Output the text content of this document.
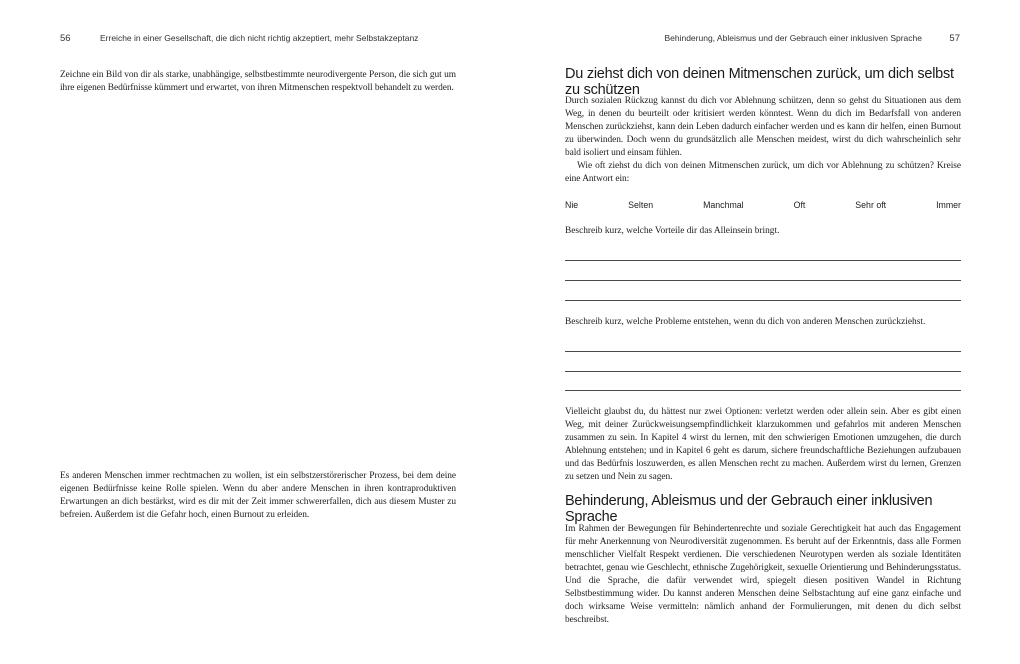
56	Erreiche in einer Gesellschaft, die dich nicht richtig akzeptiert, mehr Selbstakzeptanz

Zeichne ein Bild von dir als starke, unabhängige, selbstbestimmte neurodivergente Person, die sich gut um ihre eigenen Bedürfnisse kümmert und erwartet, von ihren Mitmenschen respektvoll behandelt zu werden.

Es anderen Menschen immer rechtmachen zu wollen, ist ein selbstzerstörerischer Prozess, bei dem deine eigenen Bedürfnisse keine Rolle spielen. Wenn du aber andere Menschen in ihren kontraproduktiven Erwartungen an dich bestärkst, wird es dir mit der Zeit immer schwererfallen, dich aus diesem Muster zu befreien. Außerdem ist die Gefahr hoch, einen Burnout zu erleiden.

Behinderung, Ableismus und der Gebrauch einer inklusiven Sprache	57
Du ziehst dich von deinen Mitmenschen zurück, um dich selbst zu schützen

Durch sozialen Rückzug kannst du dich vor Ablehnung schützen, denn so gehst du Situationen aus dem Weg, in denen du beurteilt oder kritisiert werden könntest. Wenn du dich im Bedarfsfall von anderen Menschen zurückziehst, kann dein Leben dadurch einfacher werden und es kann dir helfen, einen Burnout zu überwinden. Doch wenn du grundsätzlich alle Menschen meidest, wirst du dich wahrscheinlich sehr bald isoliert und einsam fühlen.

Wie oft ziehst du dich von deinen Mitmenschen zurück, um dich vor Ablehnung zu schützen? Kreise eine Antwort ein:

Nie	Selten	Manchmal	Oft	Sehr oft	Immer
Beschreib kurz, welche Vorteile dir das Alleinsein bringt.
Beschreib kurz, welche Probleme entstehen, wenn du dich von anderen Menschen zurückziehst.

Vielleicht glaubst du, du hättest nur zwei Optionen: verletzt werden oder allein sein. Aber es gibt einen Weg, mit deiner Zurückweisungsempfindlichkeit klarzukommen und gefahrlos mit anderen Menschen zusammen zu sein. In Kapitel 4 wirst du lernen, mit den schwierigen Emotionen umzugehen, die durch Ablehnung entstehen; und in Kapitel 6 geht es darum, sichere freundschaftliche Beziehungen aufzubauen und das Bedürfnis loszuwerden, es allen Menschen recht zu machen. Außerdem wirst du lernen, Grenzen zu setzen und Nein zu sagen.

Behinderung, Ableismus und der Gebrauch einer inklusiven Sprache

Im Rahmen der Bewegungen für Behindertenrechte und soziale Gerechtigkeit hat auch das Engagement für mehr Anerkennung von Neurodiversität zugenommen. Es beruht auf der Erkenntnis, dass alle Formen menschlicher Vielfalt Respekt verdienen. Die verschiedenen Neurotypen werden als soziale Identitäten betrachtet, genau wie Geschlecht, ethnische Zugehörigkeit, sexuelle Orientierung und Behinderungsstatus. Und die Sprache, die dafür verwendet wird, spiegelt diesen positiven Wandel in Richtung Selbstbestimmung wider. Du kannst anderen Menschen deine Selbstachtung auf eine ganz einfache und doch wirksame Weise vermitteln: nämlich anhand der Formulierungen, mit denen du dich selbst beschreibst.
